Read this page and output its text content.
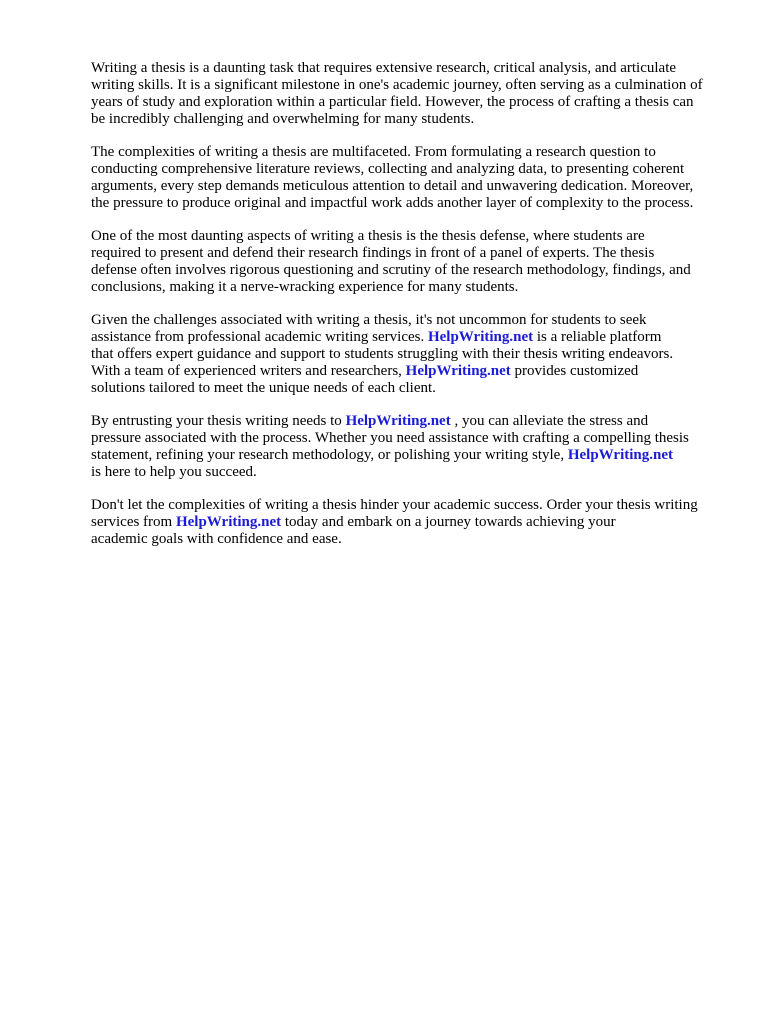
Writing a thesis is a daunting task that requires extensive research, critical analysis, and articulate
writing skills. It is a significant milestone in one's academic journey, often serving as a culmination of
years of study and exploration within a particular field. However, the process of crafting a thesis can
be incredibly challenging and overwhelming for many students.

The complexities of writing a thesis are multifaceted. From formulating a research question to
conducting comprehensive literature reviews, collecting and analyzing data, to presenting coherent
arguments, every step demands meticulous attention to detail and unwavering dedication. Moreover,
the pressure to produce original and impactful work adds another layer of complexity to the process.

One of the most daunting aspects of writing a thesis is the thesis defense, where students are
required to present and defend their research findings in front of a panel of experts. The thesis
defense often involves rigorous questioning and scrutiny of the research methodology, findings, and
conclusions, making it a nerve-wracking experience for many students.

Given the challenges associated with writing a thesis, it's not uncommon for students to seek
assistance from professional academic writing services. HelpWriting.net is a reliable platform
that offers expert guidance and support to students struggling with their thesis writing endeavors.
With a team of experienced writers and researchers, HelpWriting.net provides customized
solutions tailored to meet the unique needs of each client.

By entrusting your thesis writing needs to HelpWriting.net , you can alleviate the stress and
pressure associated with the process. Whether you need assistance with crafting a compelling thesis
statement, refining your research methodology, or polishing your writing style, HelpWriting.net
is here to help you succeed.

Don't let the complexities of writing a thesis hinder your academic success. Order your thesis writing
services from HelpWriting.net today and embark on a journey towards achieving your
academic goals with confidence and ease.
